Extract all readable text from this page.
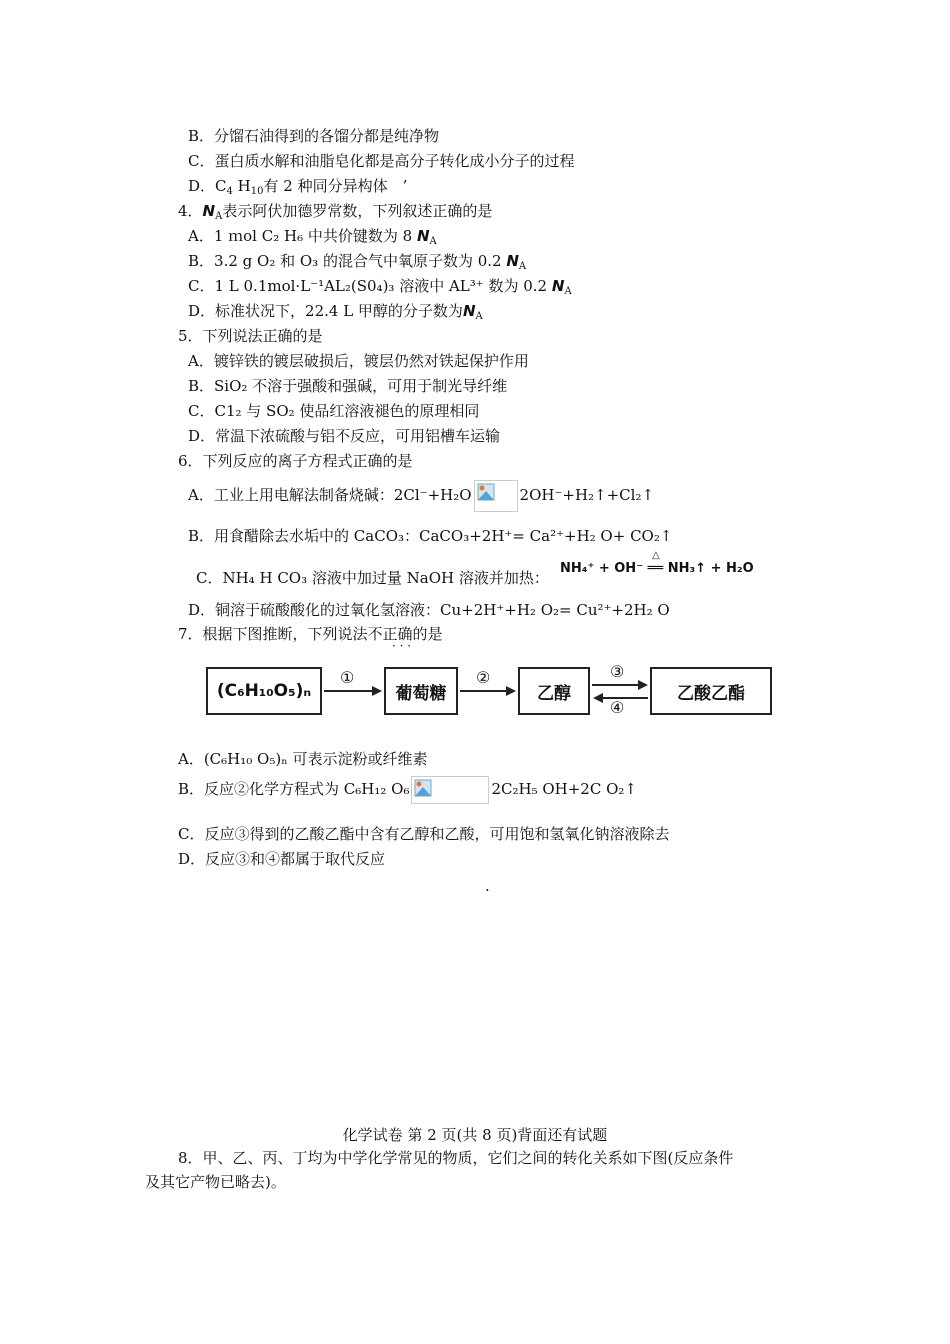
B．分馏石油得到的各馏分都是纯净物
C．蛋白质水解和油脂皂化都是高分子转化成小分子的过程
D．$C_4$ $H_{10}$有 2 种同分异构体　’
4．$N_A$表示阿伏加德罗常数，下列叙述正确的是
A．1 ｍol C₂ H₆ 中共价键数为 8 $N_A$
B．3.2 g O₂ 和 O₃ 的混合气中氧原子数为 0.2 $N_A$
C．1 L 0.1mol·L⁻¹AL₂(S0₄)₃ 溶液中 AL³⁺ 数为 0.2 $N_A$
D．标准状况下，22.4 L 甲醇的分子数为$N_A$
5．下列说法正确的是
A．镀锌铁的镀层破损后，镀层仍然对铁起保护作用
B．SiO₂ 不溶于强酸和强碱，可用于制光导纤维
C．C1₂ 与 SO₂ 使品红溶液褪色的原理相同
D．常温下浓硫酸与铝不反应，可用铝槽车运输
6．下列反应的离子方程式正确的是
A．工业上用电解法制备烧碱：2Cl⁻+H₂O	2OH⁻+H₂↑+Cl₂↑
B．用食醋除去水垢中的 CaCO₃：CaCO₃+2H⁺= Ca²⁺+H₂ O+ CO₂↑
C．NH₄ H CO₃ 溶液中加过量 NaOH 溶液并加热：
△
NH₄⁺ + OH⁻ ══ NH₃↑ + H₂O
D．铜溶于硫酸酸化的过氧化氢溶液：Cu+2H⁺+H₂ O₂= Cu²⁺+2H₂ O
7．根据下图推断，下列说法不正确的是
· · ·
(C₆H₁₀O₅)ₙ	葡萄糖	乙醇	乙酸乙酯
①	②	③
④
A．(C₆H₁₀ O₅)ₙ 可表示淀粉或纤维素
B．反应②化学方程式为 C₆H₁₂ O₆	2C₂H₅ OH+2C O₂↑
C．反应③得到的乙酸乙酯中含有乙醇和乙酸，可用饱和氢氧化钠溶液除去
D．反应③和④都属于取代反应
.
化学试卷 第 2 页(共 8 页)背面还有试题
8．甲、乙、丙、丁均为中学化学常见的物质，它们之间的转化关系如下图(反应条件
及其它产物已略去)。
